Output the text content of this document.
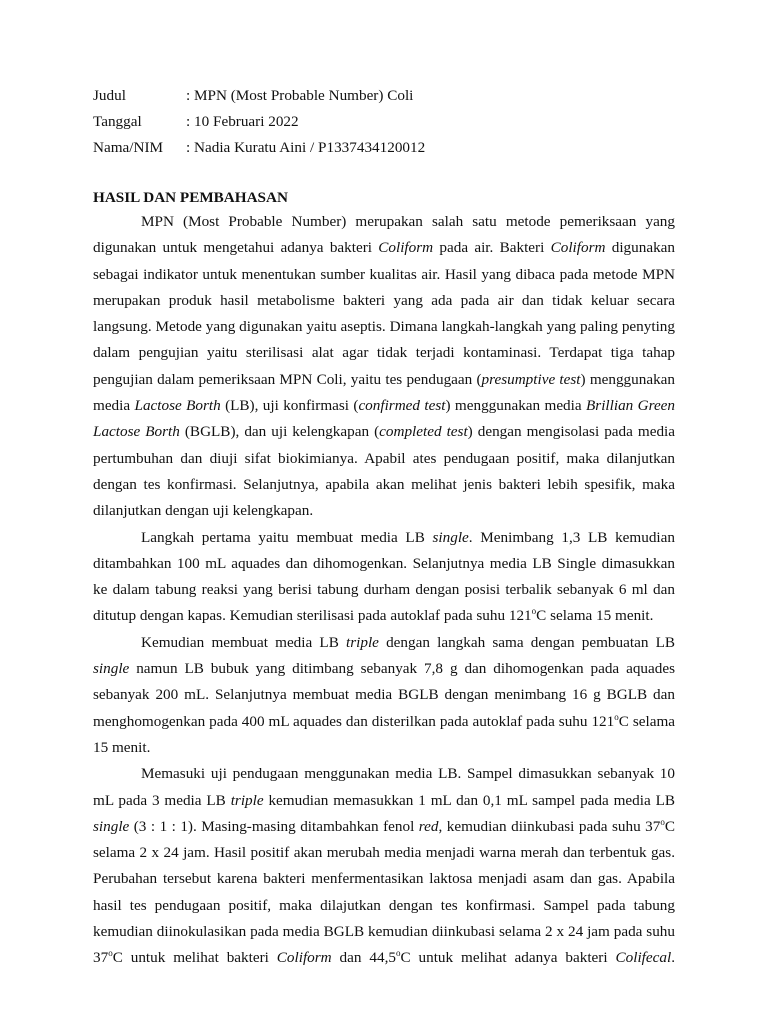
Judul	: MPN (Most Probable Number) Coli
Tanggal	: 10 Februari 2022
Nama/NIM	: Nadia Kuratu Aini / P1337434120012
HASIL DAN PEMBAHASAN

MPN (Most Probable Number) merupakan salah satu metode pemeriksaan yang digunakan untuk mengetahui adanya bakteri Coliform pada air. Bakteri Coliform digunakan sebagai indikator untuk menentukan sumber kualitas air. Hasil yang dibaca pada metode MPN merupakan produk hasil metabolisme bakteri yang ada pada air dan tidak keluar secara langsung. Metode yang digunakan yaitu aseptis. Dimana langkah-langkah yang paling penyting dalam pengujian yaitu sterilisasi alat agar tidak terjadi kontaminasi. Terdapat tiga tahap pengujian dalam pemeriksaan MPN Coli, yaitu tes pendugaan (presumptive test) menggunakan media Lactose Borth (LB), uji konfirmasi (confirmed test) menggunakan media Brillian Green Lactose Borth (BGLB), dan uji kelengkapan (completed test) dengan mengisolasi pada media pertumbuhan dan diuji sifat biokimianya. Apabil ates pendugaan positif, maka dilanjutkan dengan tes konfirmasi. Selanjutnya, apabila akan melihat jenis bakteri lebih spesifik, maka dilanjutkan dengan uji kelengkapan.

Langkah pertama yaitu membuat media LB single. Menimbang 1,3 LB kemudian ditambahkan 100 mL aquades dan dihomogenkan. Selanjutnya media LB Single dimasukkan ke dalam tabung reaksi yang berisi tabung durham dengan posisi terbalik sebanyak 6 ml dan ditutup dengan kapas. Kemudian sterilisasi pada autoklaf pada suhu 121$^o$C selama 15 menit.

Kemudian membuat media LB triple dengan langkah sama dengan pembuatan LB single namun LB bubuk yang ditimbang sebanyak 7,8 g dan dihomogenkan pada aquades sebanyak 200 mL. Selanjutnya membuat media BGLB dengan menimbang 16 g BGLB dan menghomogenkan pada 400 mL aquades dan disterilkan pada autoklaf pada suhu 121$^o$C selama 15 menit.

Memasuki uji pendugaan menggunakan media LB. Sampel dimasukkan sebanyak 10 mL pada 3 media LB triple kemudian memasukkan 1 mL dan 0,1 mL sampel pada media LB single (3 : 1 : 1). Masing-masing ditambahkan fenol red, kemudian diinkubasi pada suhu 37$^o$C selama 2 x 24 jam. Hasil positif akan merubah media menjadi warna merah dan terbentuk gas. Perubahan tersebut karena bakteri menfermentasikan laktosa menjadi asam dan gas. Apabila hasil tes pendugaan positif, maka dilajutkan dengan tes konfirmasi. Sampel pada tabung kemudian diinokulasikan pada media BGLB kemudian diinkubasi selama 2 x 24 jam pada suhu 37$^o$C untuk melihat bakteri Coliform dan 44,5$^o$C untuk melihat adanya bakteri Colifecal.
